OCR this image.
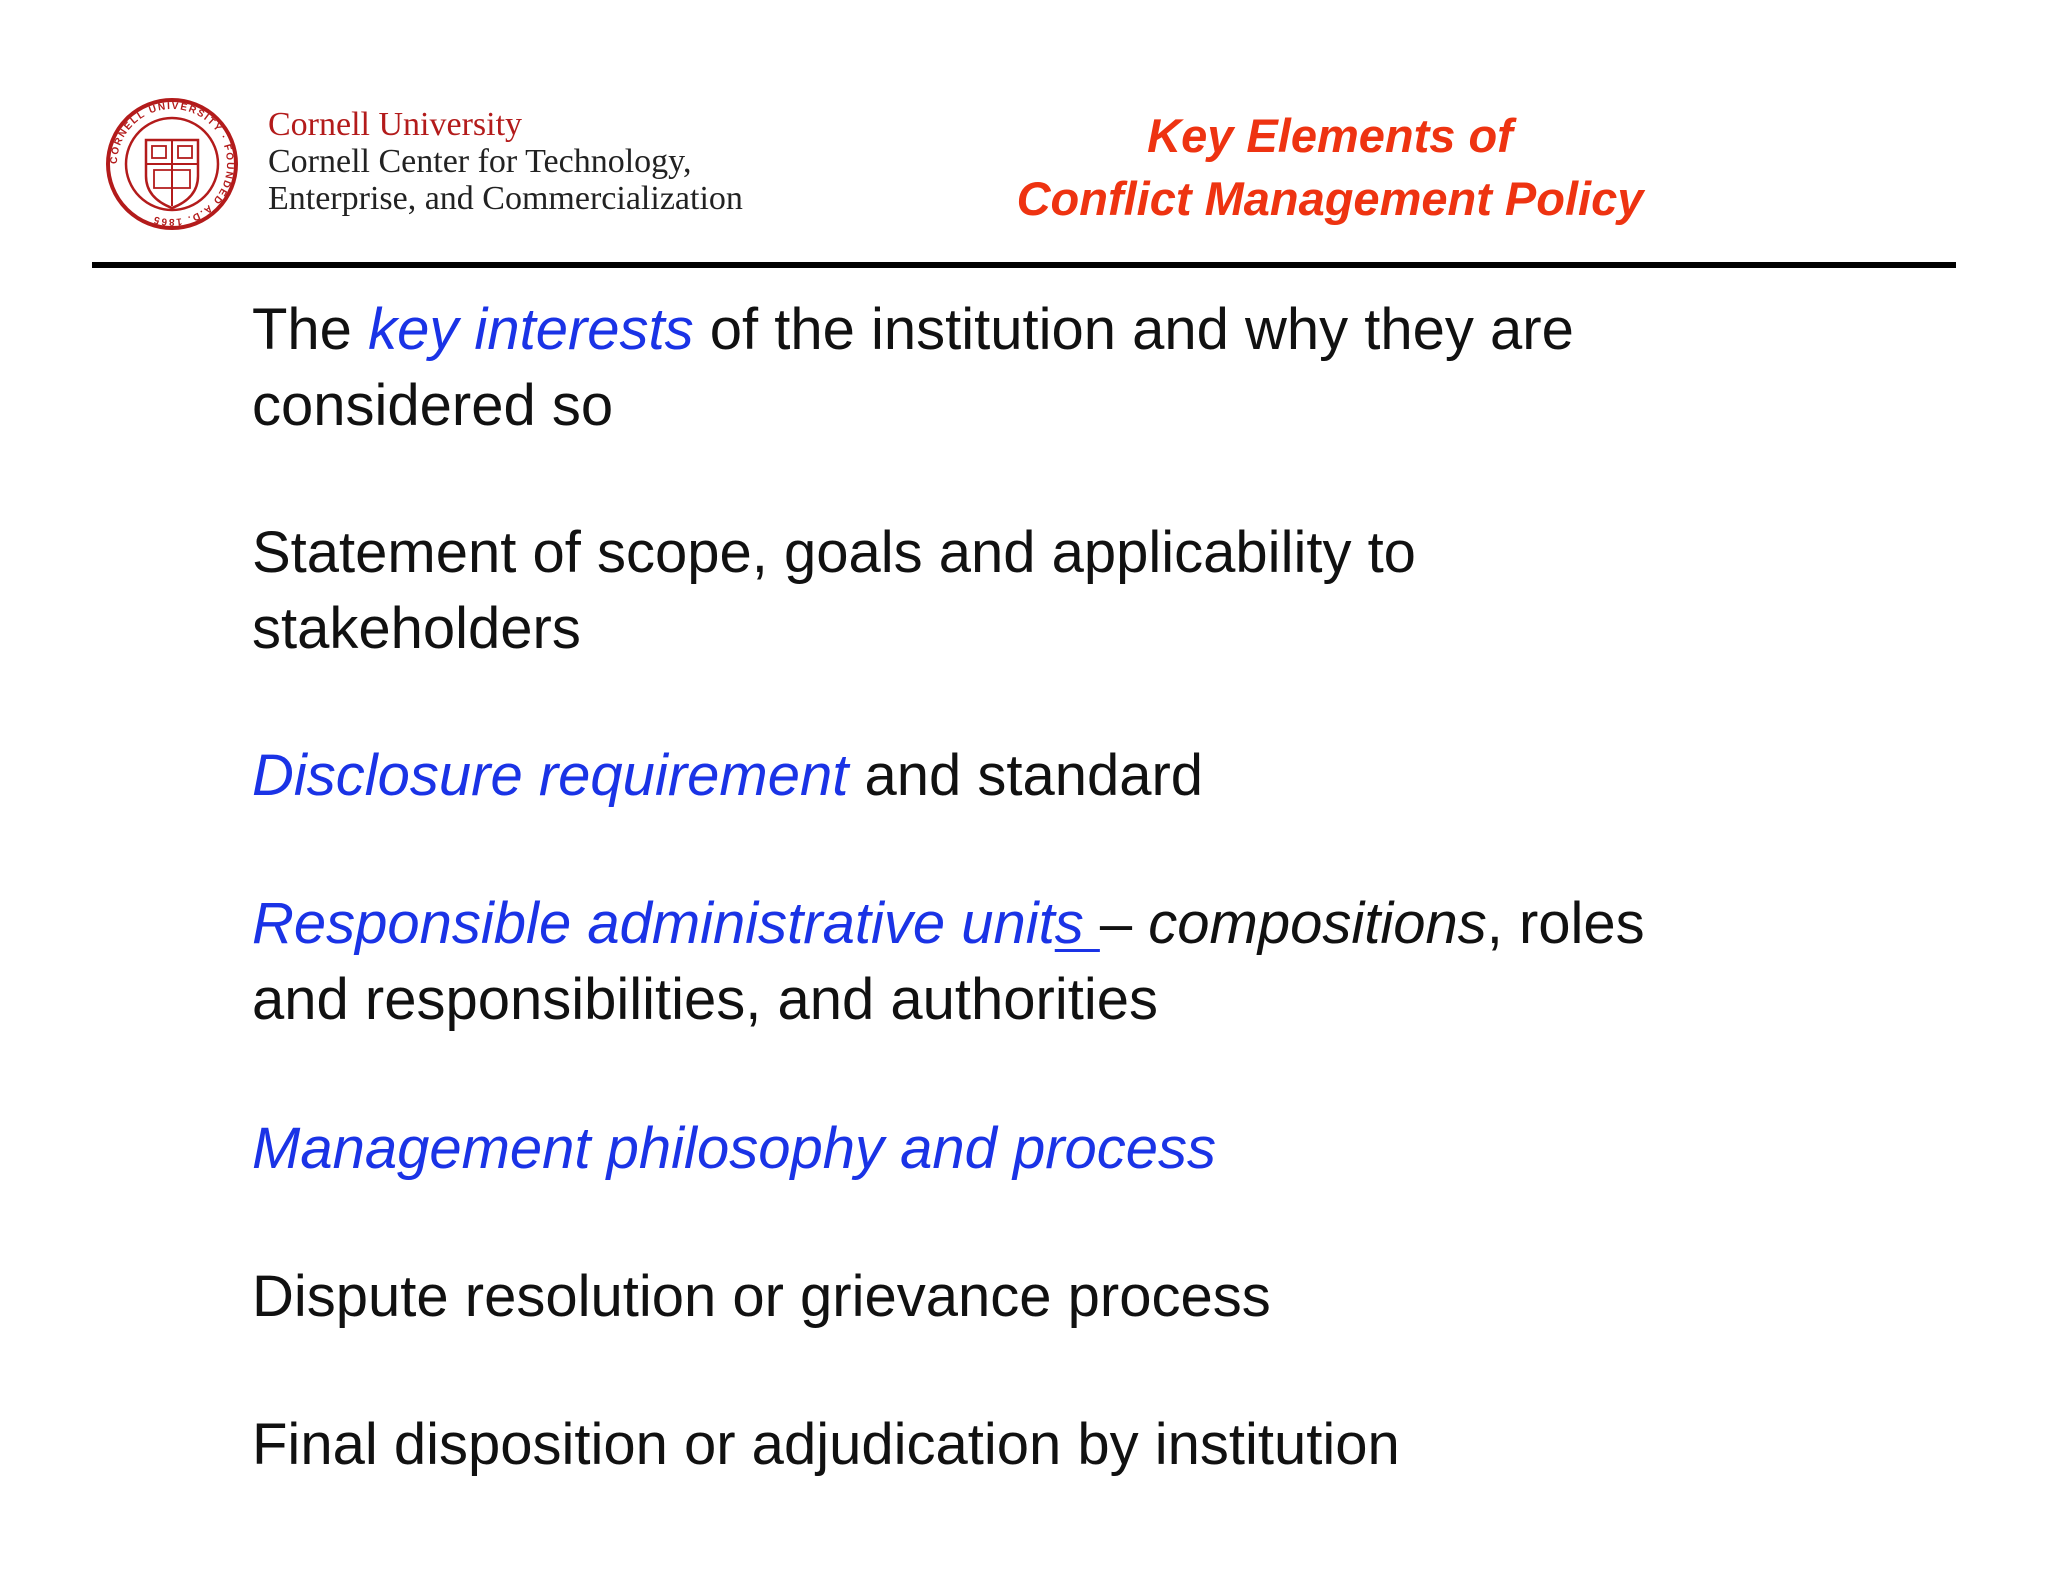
CORNELL UNIVERSITY · FOUNDED A.D. 1865
Cornell University
Cornell Center for Technology,
Enterprise, and Commercialization
Key Elements of
Conflict Management Policy
The key interests of the institution and why they are
considered so
Statement of scope, goals and applicability to
stakeholders
Disclosure requirement and standard
Responsible administrative units – compositions, roles
and responsibilities, and authorities
Management philosophy and process
Dispute resolution or grievance process
Final disposition or adjudication by institution
